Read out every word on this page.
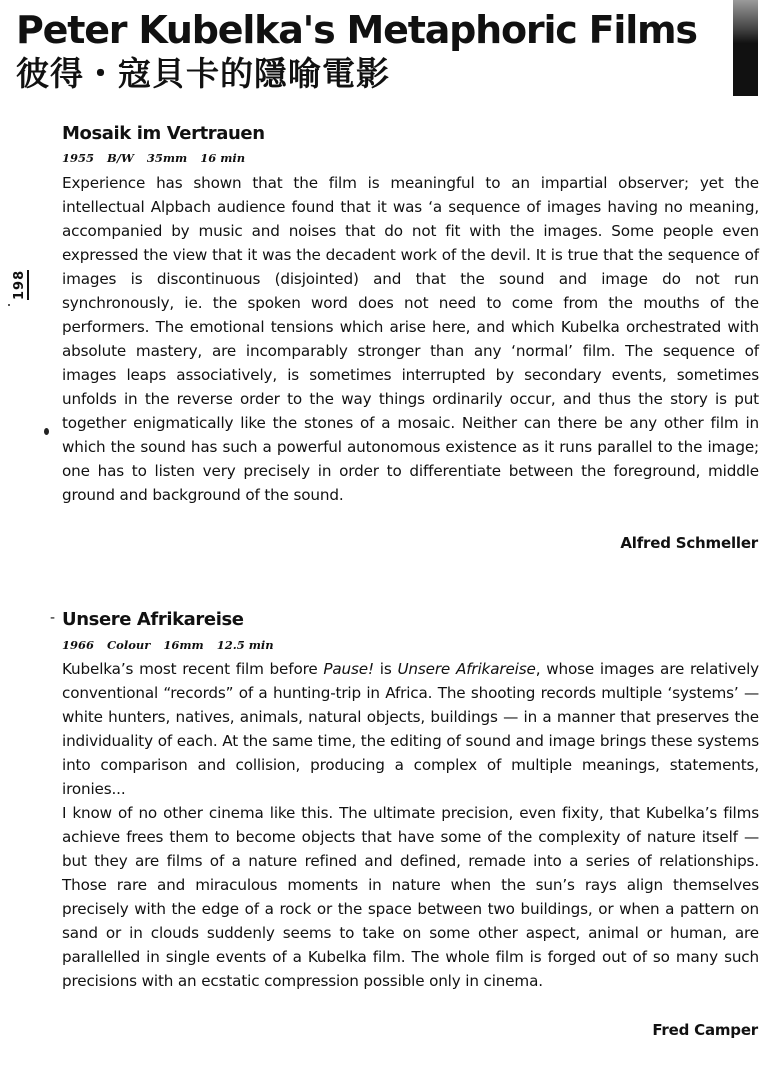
Peter Kubelka's Metaphoric Films
彼得・寇貝卡的隱喻電影
198
Mosaik im Vertrauen
1955 B/W 35mm 16 min

Experience has shown that the film is meaningful to an impartial observer; yet the intellectual Alpbach audience found that it was ‘a sequence of images having no meaning, accompanied by music and noises that do not fit with the images. Some people even expressed the view that it was the decadent work of the devil. It is true that the sequence of images is discontinuous (disjointed) and that the sound and image do not run synchronously, ie. the spoken word does not need to come from the mouths of the performers. The emotional tensions which arise here, and which Kubelka orchestrated with absolute mastery, are incomparably stronger than any ‘normal’ film. The sequence of images leaps associatively, is sometimes interrupted by secondary events, sometimes unfolds in the reverse order to the way things ordinarily occur, and thus the story is put together enigmatically like the stones of a mosaic. Neither can there be any other film in which the sound has such a powerful autonomous existence as it runs parallel to the image; one has to listen very precisely in order to differentiate between the foreground, middle ground and background of the sound.

Alfred Schmeller
- Unsere Afrikareise
1966 Colour 16mm 12.5 min

Kubelka’s most recent film before Pause! is Unsere Afrikareise, whose images are relatively conventional “records” of a hunting-trip in Africa. The shooting records multiple ‘systems’ — white hunters, natives, animals, natural objects, buildings — in a manner that preserves the individuality of each. At the same time, the editing of sound and image brings these systems into comparison and collision, producing a complex of multiple meanings, statements, ironies...

I know of no other cinema like this. The ultimate precision, even fixity, that Kubelka’s films achieve frees them to become objects that have some of the complexity of nature itself — but they are films of a nature refined and defined, remade into a series of relationships. Those rare and miraculous moments in nature when the sun’s rays align themselves precisely with the edge of a rock or the space between two buildings, or when a pattern on sand or in clouds suddenly seems to take on some other aspect, animal or human, are parallelled in single events of a Kubelka film. The whole film is forged out of so many such precisions with an ecstatic compression possible only in cinema.

Fred Camper
